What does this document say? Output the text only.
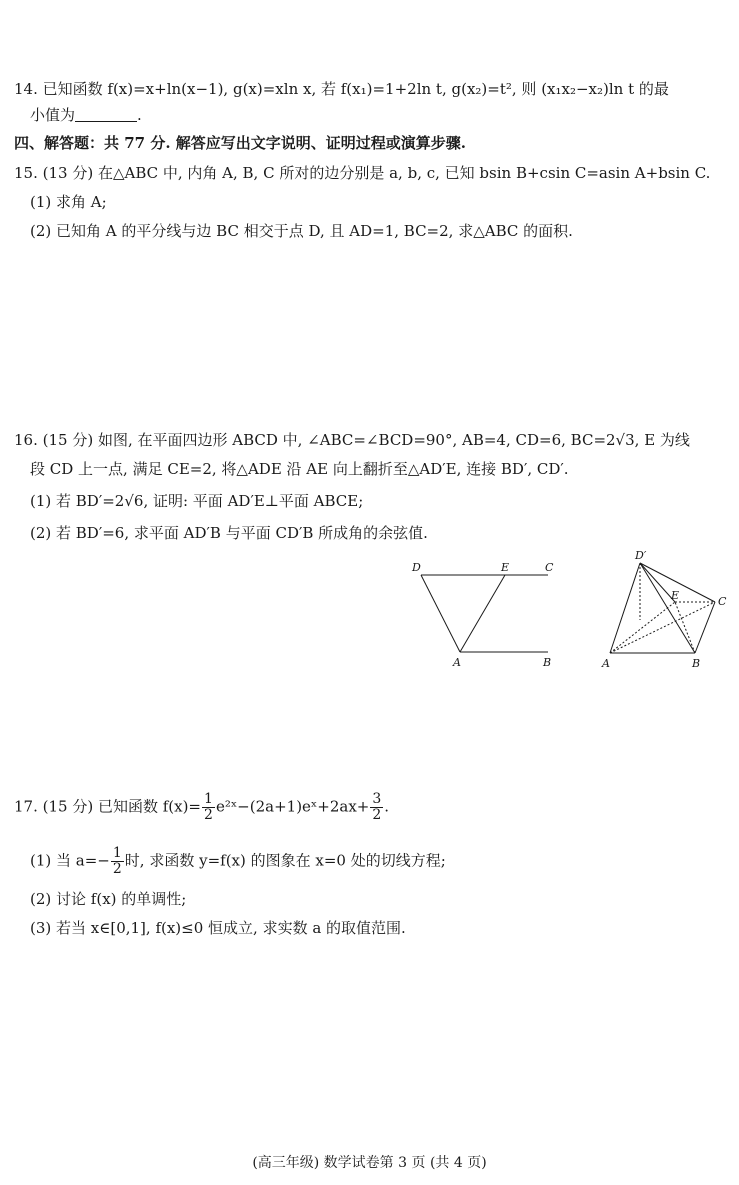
14. 已知函数 f(x)=x+ln(x−1), g(x)=xln x, 若 f(x₁)=1+2ln t, g(x₂)=t², 则 (x₁x₂−x₂)ln t 的最
小值为	.
四、解答题：共 77 分. 解答应写出文字说明、证明过程或演算步骤.
15. (13 分) 在△ABC 中, 内角 A, B, C 所对的边分别是 a, b, c, 已知 bsin B+csin C=asin A+bsin C.
(1) 求角 A;
(2) 已知角 A 的平分线与边 BC 相交于点 D, 且 AD=1, BC=2, 求△ABC 的面积.
16. (15 分) 如图, 在平面四边形 ABCD 中, ∠ABC=∠BCD=90°, AB=4, CD=6, BC=2√3, E 为线
段 CD 上一点, 满足 CE=2, 将△ADE 沿 AE 向上翻折至△AD′E, 连接 BD′, CD′.
(1) 若 BD′=2√6, 证明: 平面 AD′E⊥平面 ABCE;
(2) 若 BD′=6, 求平面 AD′B 与平面 CD′B 所成角的余弦值.
D	E	C
A	B
D′
E	C
A	B
17. (15 分) 已知函数 $f(x)= \frac{1}{2}$ e²ˣ−(2a+1)eˣ+2ax+ $\frac{3}{2}$ .
(1) 当 $a=- \frac{1}{2}$ 时, 求函数 y=f(x) 的图象在 x=0 处的切线方程;
(2) 讨论 f(x) 的单调性;
(3) 若当 x∈[0,1], f(x)≤0 恒成立, 求实数 a 的取值范围.
(高三年级) 数学试卷第 3 页 (共 4 页)
